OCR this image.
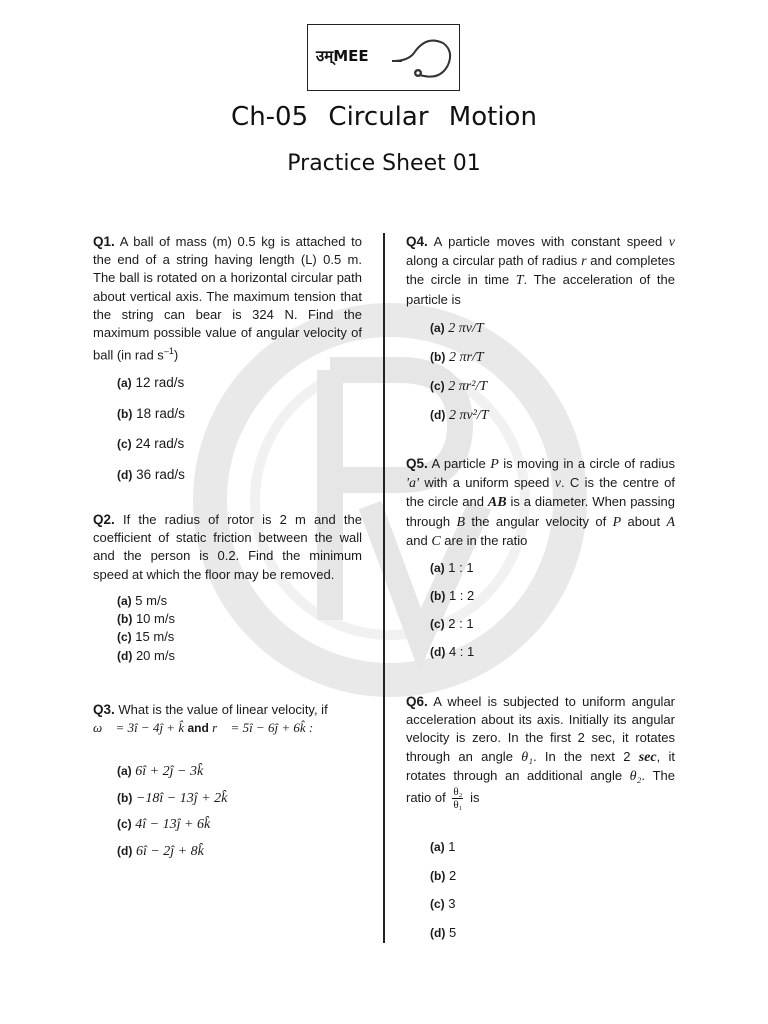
उम्MEE
Ch-05 Circular Motion
Practice Sheet 01
Q1. A ball of mass (m) 0.5 kg is attached to the end of a string having length (L) 0.5 m. The ball is rotated on a horizontal circular path about vertical axis. The maximum tension that the string can bear is 324 N. Find the maximum possible value of angular velocity of ball (in rad $s^{-1}$)
(a) 12 rad/s
(b) 18 rad/s
(c) 24 rad/s
(d) 36 rad/s
Q2. If the radius of rotor is 2 m and the coefficient of static friction between the wall and the person is 0.2. Find the minimum speed at which the floor may be removed.
(a) 5 m/s
(b) 10 m/s
(c) 15 m/s
(d) 20 m/s
Q3. What is the value of linear velocity, if
ω⃗ = 3î − 4ĵ + k̂ and r⃗ = 5î − 6ĵ + 6k̂ :
(a) 6î + 2ĵ − 3k̂
(b) −18î − 13ĵ + 2k̂
(c) 4î − 13ĵ + 6k̂
(d) 6î − 2ĵ + 8k̂
Q4. A particle moves with constant speed v along a circular path of radius r and completes the circle in time T. The acceleration of the particle is
(a) 2 πv/T
(b) 2 πr/T
(c) 2 πr²/T
(d) 2 πv²/T
Q5. A particle P is moving in a circle of radius 'a' with a uniform speed v. C is the centre of the circle and AB is a diameter. When passing through B the angular velocity of P about A and C are in the ratio
(a) 1 : 1
(b) 1 : 2
(c) 2 : 1
(d) 4 : 1
Q6. A wheel is subjected to uniform angular acceleration about its axis. Initially its angular velocity is zero. In the first 2 sec, it rotates through an angle θ₁. In the next 2 sec, it rotates through an additional angle θ₂. The ratio of $\frac{\text{θ₂}}{\text{θ₁}}$ is
(a) 1
(b) 2
(c) 3
(d) 5
